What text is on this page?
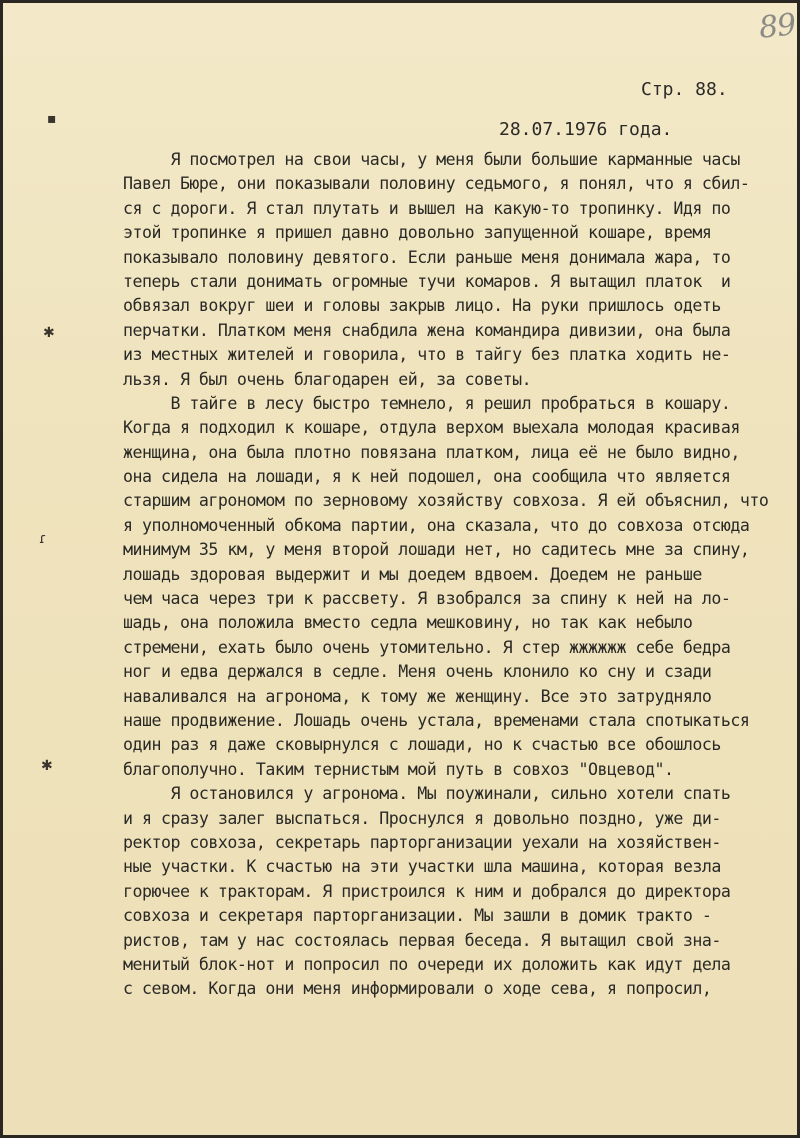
89
Стр. 88.
28.07.1976 года.
▪
✱
ɾ
✱
Я посмотрел на свои часы, у меня были большие карманные часы
Павел Бюре, они показывали половину седьмого, я понял, что я сбил-
ся с дороги. Я стал плутать и вышел на какую-то тропинку. Идя по
этой тропинке я пришел давно довольно запущенной кошаре, время
показывало половину девятого. Если раньше меня донимала жара, то
теперь стали донимать огромные тучи комаров. Я вытащил платок  и
обвязал вокруг шеи и головы закрыв лицо. На руки пришлось одеть
перчатки. Платком меня снабдила жена командира дивизии, она была
из местных жителей и говорила, что в тайгу без платка ходить не-
льзя. Я был очень благодарен ей, за советы.
В тайге в лесу быстро темнело, я решил пробраться в кошару.
Когда я подходил к кошаре, отдула верхом выехала молодая красивая
женщина, она была плотно повязана платком, лица её не было видно,
она сидела на лошади, я к ней подошел, она сообщила что является
старшим агрономом по зерновому хозяйству совхоза. Я ей объяснил, что
я уполномоченный обкома партии, она сказала, что до совхоза отсюда
минимум 35 км, у меня второй лошади нет, но садитесь мне за спину,
лошадь здоровая выдержит и мы доедем вдвоем. Доедем не раньше
чем часа через три к рассвету. Я взобрался за спину к ней на ло-
шадь, она положила вместо седла мешковину, но так как небыло
стремени, ехать было очень утомительно. Я стер жжжжжж себе бедра
ног и едва держался в седле. Меня очень клонило ко сну и сзади
наваливался на агронома, к тому же женщину. Все это затрудняло
наше продвижение. Лошадь очень устала, временами стала спотыкаться
один раз я даже сковырнулся с лошади, но к счастью все обошлось
благополучно. Таким тернистым мой путь в совхоз "Овцевод".
Я остановился у агронома. Мы поужинали, сильно хотели спать
и я сразу залег выспаться. Проснулся я довольно поздно, уже ди-
ректор совхоза, секретарь парторганизации уехали на хозяйствен-
ные участки. К счастью на эти участки шла машина, которая везла
горючее к тракторам. Я пристроился к ним и добрался до директора
совхоза и секретаря парторганизации. Мы зашли в домик тракто -
ристов, там у нас состоялась первая беседа. Я вытащил свой зна-
менитый блок-нот и попросил по очереди их доложить как идут дела
с севом. Когда они меня информировали о ходе сева, я попросил,
